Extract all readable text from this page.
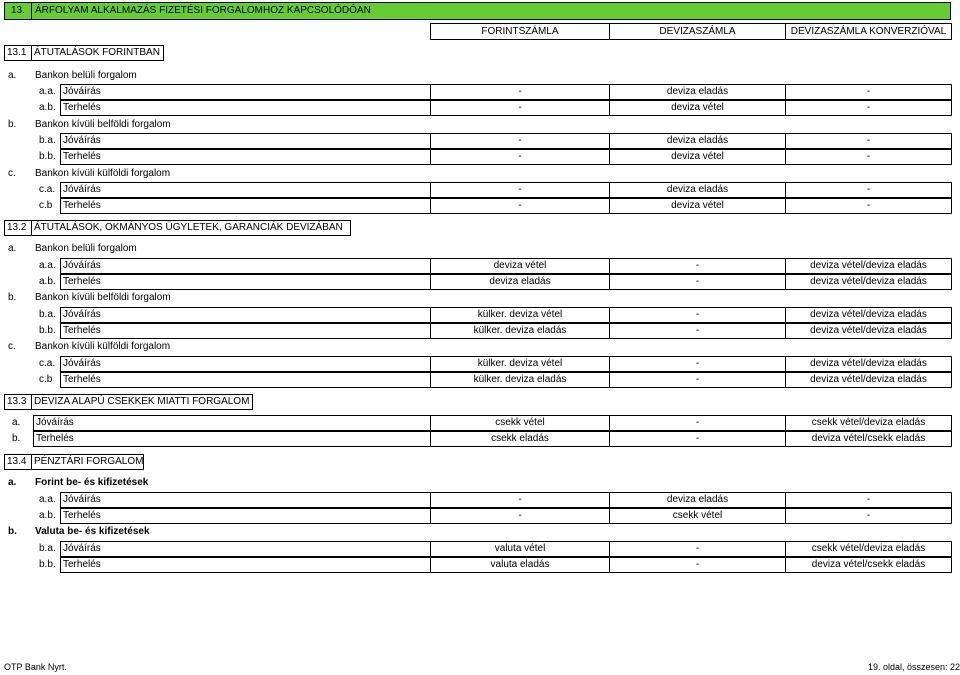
13. ÁRFOLYAM ALKALMAZÁS FIZETÉSI FORGALOMHOZ KAPCSOLÓDÓAN
FORINTSZÁMLA	DEVIZASZÁMLA	DEVIZASZÁMLA KONVERZIÓVAL
13.1 ÁTUTALÁSOK FORINTBAN
a. Bankon belüli forgalom
a.a. Jóváírás	-	deviza eladás	-
a.b. Terhelés	-	deviza vétel	-
b. Bankon kívüli belföldi forgalom
b.a. Jóváírás	-	deviza eladás	-
b.b. Terhelés	-	deviza vétel	-
c. Bankon kívüli külföldi forgalom
c.a. Jóváírás	-	deviza eladás	-
c.b	Terhelés	-	deviza vétel	-
13.2 ÁTUTALÁSOK, OKMÁNYOS ÜGYLETEK, GARANCIÁK DEVIZÁBAN
a. Bankon belüli forgalom
a.a. Jóváírás	deviza vétel	-	deviza vétel/deviza eladás
a.b. Terhelés	deviza eladás	-	deviza vétel/deviza eladás
b. Bankon kívüli belföldi forgalom
b.a. Jóváírás	külker. deviza vétel	-	deviza vétel/deviza eladás
b.b. Terhelés	külker. deviza eladás	-	deviza vétel/deviza eladás
c. Bankon kívüli külföldi forgalom
c.a. Jóváírás	külker. deviza vétel	-	deviza vétel/deviza eladás
c.b	Terhelés	külker. deviza eladás	-	deviza vétel/deviza eladás
13.3 DEVIZA ALAPÚ CSEKKEK MIATTI FORGALOM
a.	Jóváírás	csekk vétel	-	csekk vétel/deviza eladás
b.	Terhelés	csekk eladás	-	deviza vétel/csekk eladás
13.4 PÉNZTÁRI FORGALOM
a. Forint be- és kifizetések
a.a. Jóváírás	-	deviza eladás	-
a.b. Terhelés	-	csekk vétel	-
b. Valuta be- és kifizetések
b.a. Jóváírás	valuta vétel	-	csekk vétel/deviza eladás
b.b. Terhelés	valuta eladás	-	deviza vétel/csekk eladás
OTP Bank Nyrt.	19. oldal, összesen: 22
